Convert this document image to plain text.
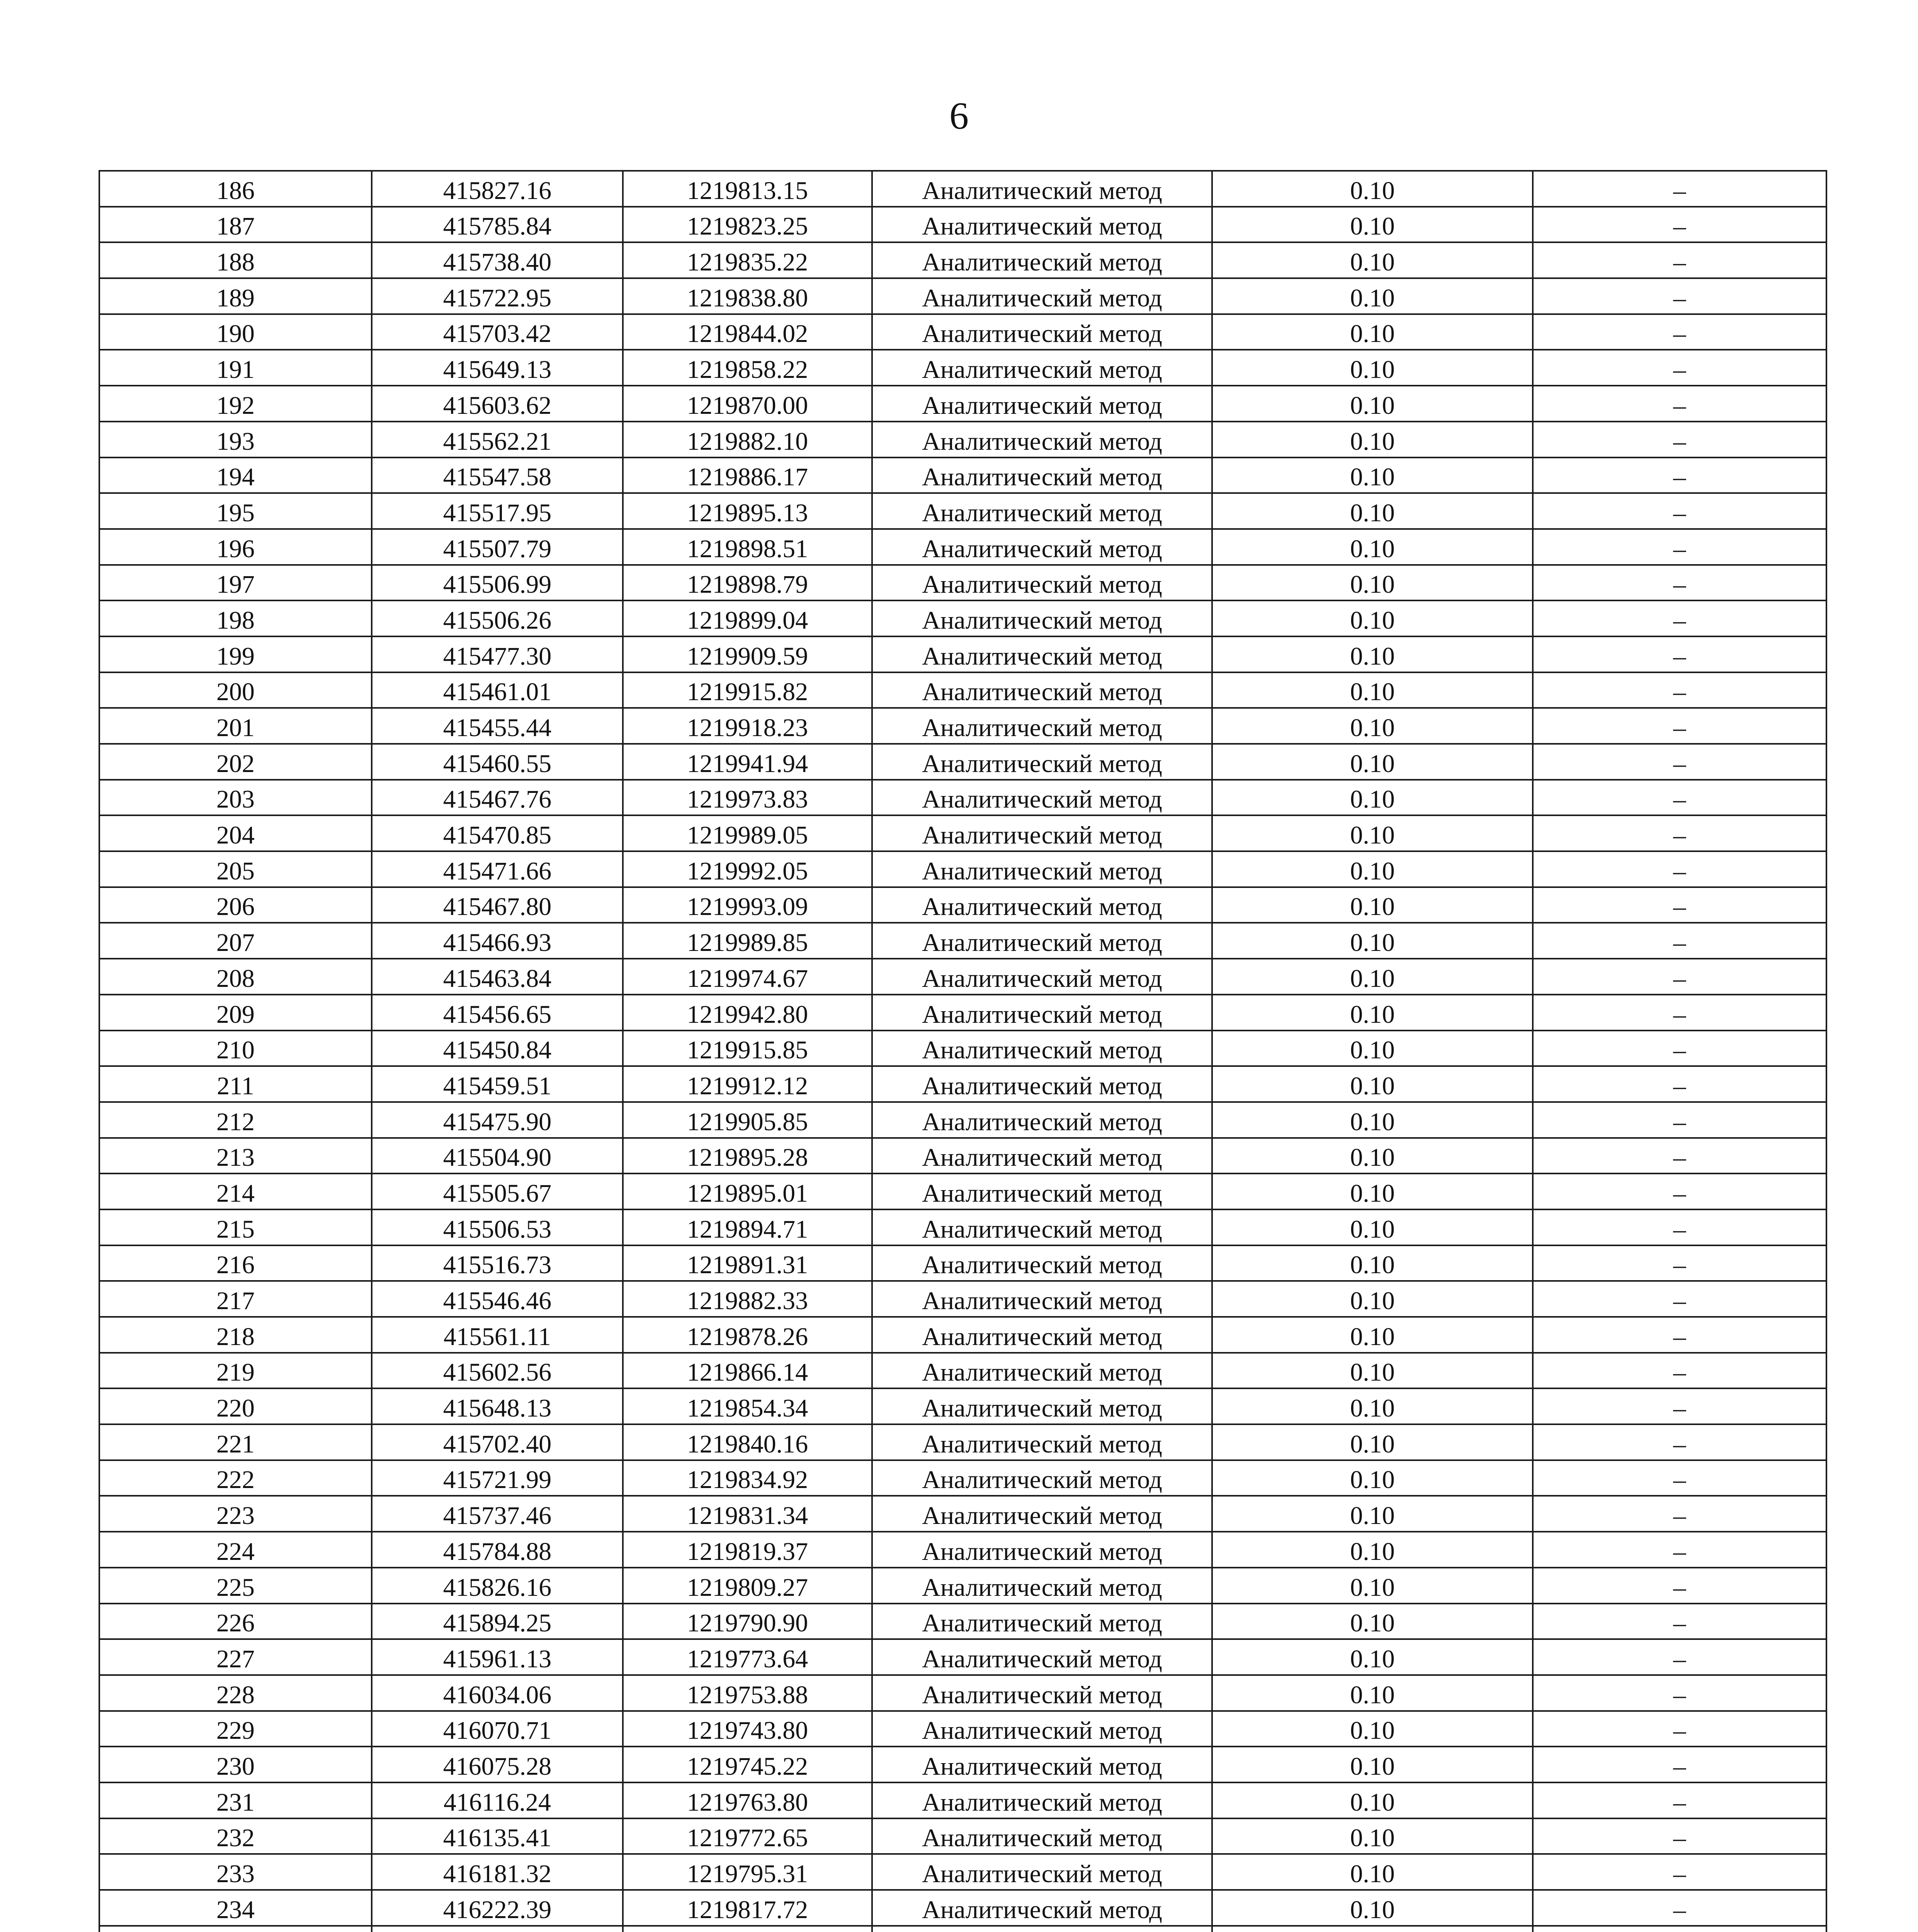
6
186	415827.16	1219813.15	Аналитический метод	0.10	–
187	415785.84	1219823.25	Аналитический метод	0.10	–
188	415738.40	1219835.22	Аналитический метод	0.10	–
189	415722.95	1219838.80	Аналитический метод	0.10	–
190	415703.42	1219844.02	Аналитический метод	0.10	–
191	415649.13	1219858.22	Аналитический метод	0.10	–
192	415603.62	1219870.00	Аналитический метод	0.10	–
193	415562.21	1219882.10	Аналитический метод	0.10	–
194	415547.58	1219886.17	Аналитический метод	0.10	–
195	415517.95	1219895.13	Аналитический метод	0.10	–
196	415507.79	1219898.51	Аналитический метод	0.10	–
197	415506.99	1219898.79	Аналитический метод	0.10	–
198	415506.26	1219899.04	Аналитический метод	0.10	–
199	415477.30	1219909.59	Аналитический метод	0.10	–
200	415461.01	1219915.82	Аналитический метод	0.10	–
201	415455.44	1219918.23	Аналитический метод	0.10	–
202	415460.55	1219941.94	Аналитический метод	0.10	–
203	415467.76	1219973.83	Аналитический метод	0.10	–
204	415470.85	1219989.05	Аналитический метод	0.10	–
205	415471.66	1219992.05	Аналитический метод	0.10	–
206	415467.80	1219993.09	Аналитический метод	0.10	–
207	415466.93	1219989.85	Аналитический метод	0.10	–
208	415463.84	1219974.67	Аналитический метод	0.10	–
209	415456.65	1219942.80	Аналитический метод	0.10	–
210	415450.84	1219915.85	Аналитический метод	0.10	–
211	415459.51	1219912.12	Аналитический метод	0.10	–
212	415475.90	1219905.85	Аналитический метод	0.10	–
213	415504.90	1219895.28	Аналитический метод	0.10	–
214	415505.67	1219895.01	Аналитический метод	0.10	–
215	415506.53	1219894.71	Аналитический метод	0.10	–
216	415516.73	1219891.31	Аналитический метод	0.10	–
217	415546.46	1219882.33	Аналитический метод	0.10	–
218	415561.11	1219878.26	Аналитический метод	0.10	–
219	415602.56	1219866.14	Аналитический метод	0.10	–
220	415648.13	1219854.34	Аналитический метод	0.10	–
221	415702.40	1219840.16	Аналитический метод	0.10	–
222	415721.99	1219834.92	Аналитический метод	0.10	–
223	415737.46	1219831.34	Аналитический метод	0.10	–
224	415784.88	1219819.37	Аналитический метод	0.10	–
225	415826.16	1219809.27	Аналитический метод	0.10	–
226	415894.25	1219790.90	Аналитический метод	0.10	–
227	415961.13	1219773.64	Аналитический метод	0.10	–
228	416034.06	1219753.88	Аналитический метод	0.10	–
229	416070.71	1219743.80	Аналитический метод	0.10	–
230	416075.28	1219745.22	Аналитический метод	0.10	–
231	416116.24	1219763.80	Аналитический метод	0.10	–
232	416135.41	1219772.65	Аналитический метод	0.10	–
233	416181.32	1219795.31	Аналитический метод	0.10	–
234	416222.39	1219817.72	Аналитический метод	0.10	–
